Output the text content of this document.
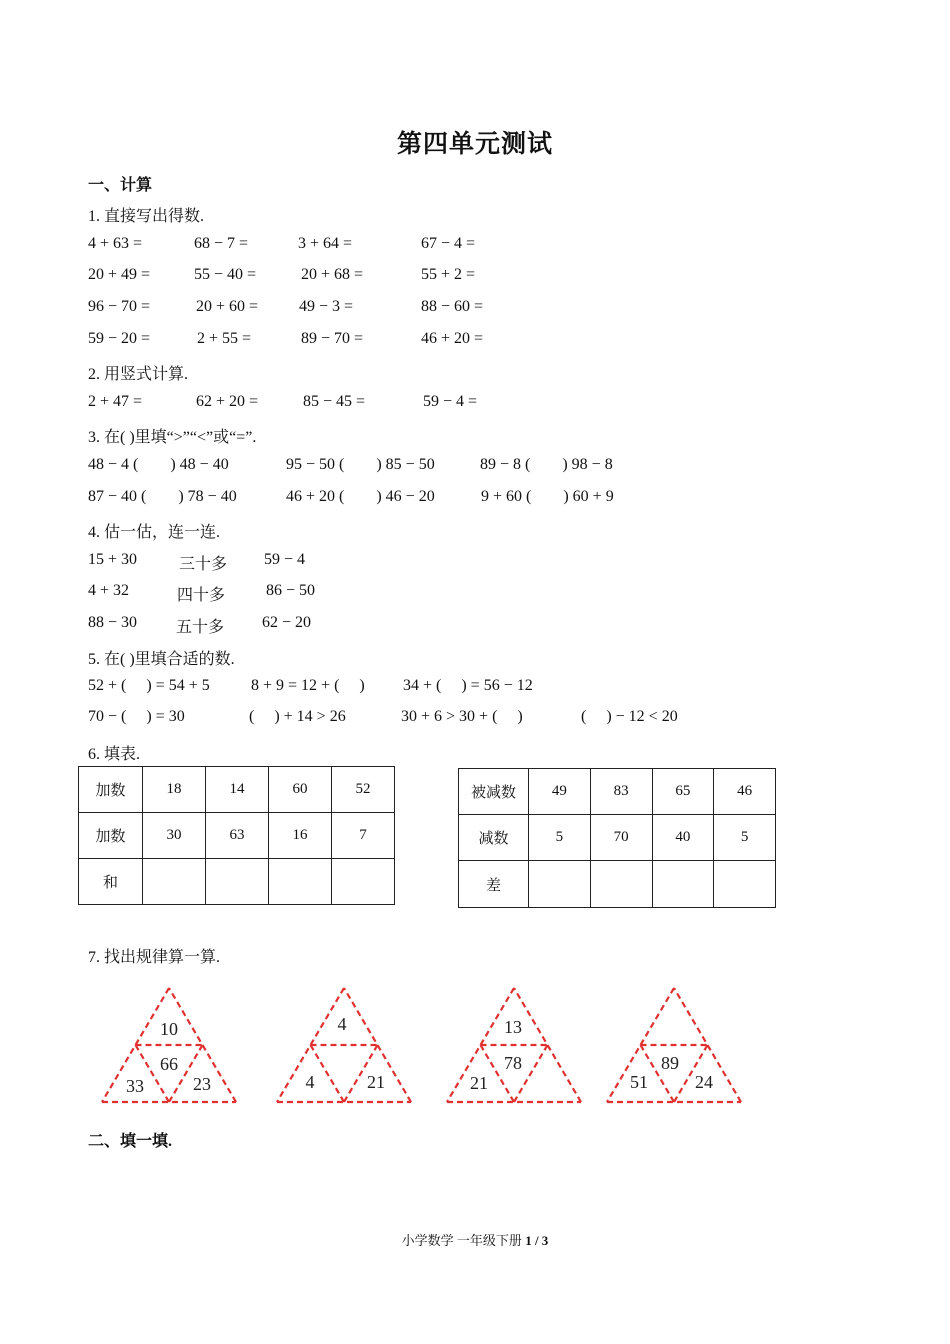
第四单元测试
一、计算
1. 直接写出得数.
4 + 63 =	68 − 7 =	3 + 64 =	67 − 4 =
20 + 49 =	55 − 40 =	20 + 68 =	55 + 2 =
96 − 70 =	20 + 60 =	49 − 3 =	88 − 60 =
59 − 20 =	2 + 55 =	89 − 70 =	46 + 20 =
2. 用竖式计算.
2 + 47 =	62 + 20 =	85 − 45 =	59 − 4 =
3. 在( )里填“>”“<”或“=”.
48 − 4 (        ) 48 − 40	95 − 50 (        ) 85 − 50	89 − 8 (        ) 98 − 8
87 − 40 (        ) 78 − 40	46 + 20 (        ) 46 − 20	9 + 60 (        ) 60 + 9
4. 估一估，连一连.
15 + 30	三十多 59 − 4
4 + 32	四十多	86 − 50
88 − 30 五十多 62 − 20
5. 在( )里填合适的数.
52 + (     ) = 54 + 5	8 + 9 = 12 + (     ) 34 + (     ) = 56 − 12
70 − (     ) = 30	(     ) + 14 > 26	30 + 6 > 30 + (     )	(     ) − 12 < 20
6. 填表.
加数	18	14	60	52
加数	30	63	16	7
和				
被减数	49	83	65	46
减数	5	70	40	5
差				
7. 找出规律算一算.
10
66
33	23
4
4	21
13
78
21
89
51	24
二、填一填.
小学数学 一年级下册 1 / 3
